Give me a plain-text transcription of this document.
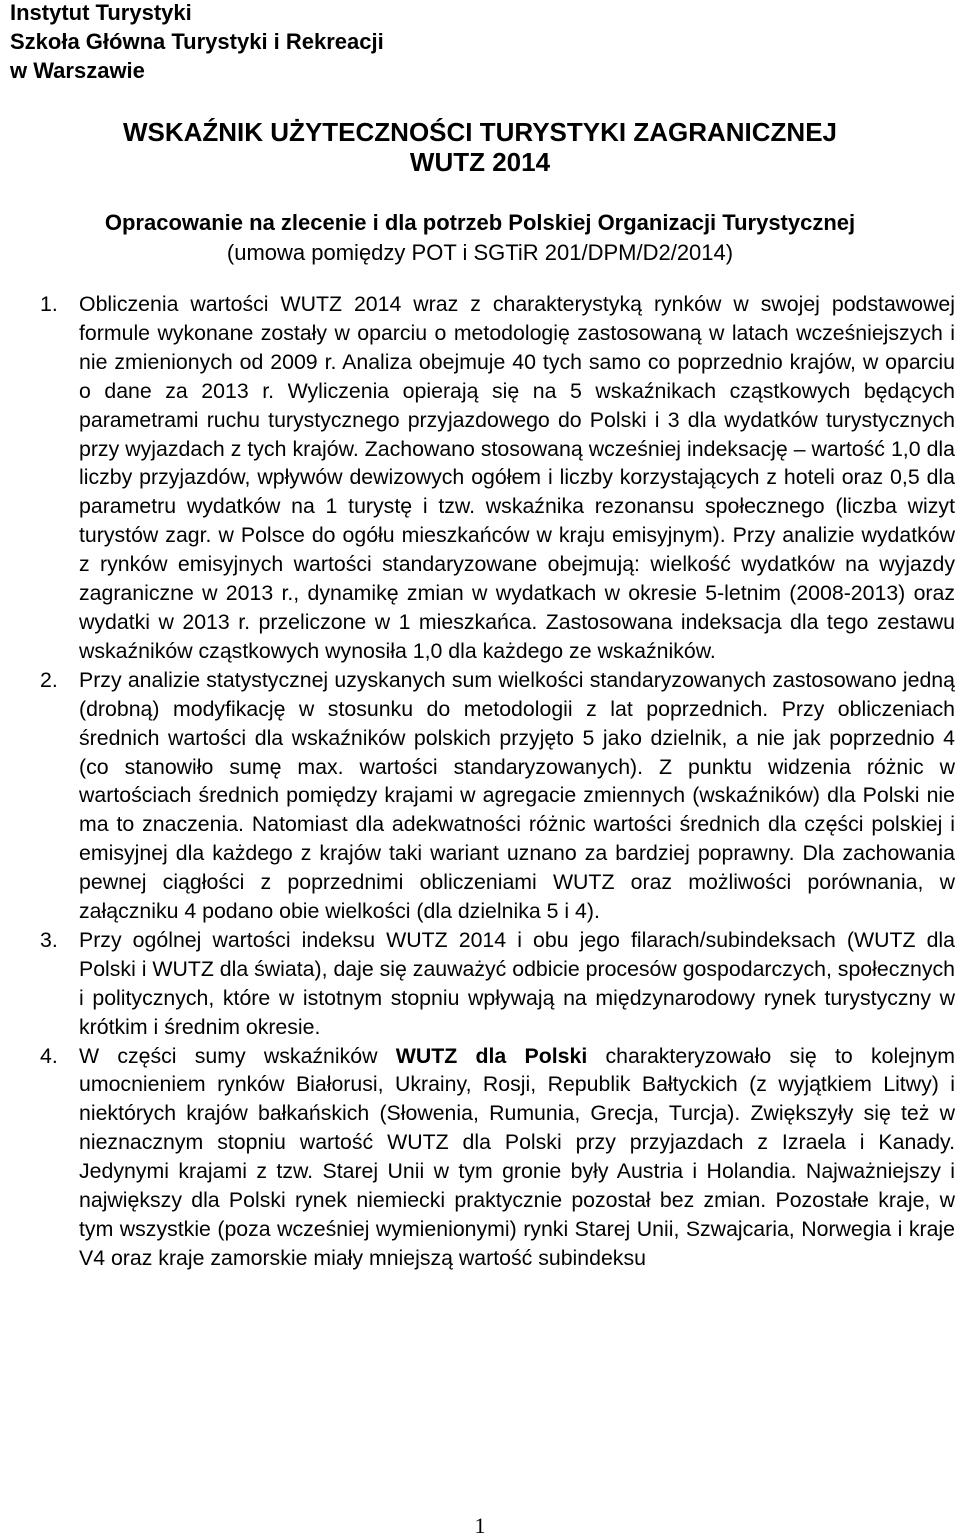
Instytut Turystyki
Szkoła Główna Turystyki i Rekreacji
w Warszawie
WSKAŹNIK UŻYTECZNOŚCI TURYSTYKI ZAGRANICZNEJ
WUTZ 2014
Opracowanie na zlecenie i dla potrzeb Polskiej Organizacji Turystycznej
(umowa pomiędzy POT i SGTiR 201/DPM/D2/2014)
1. Obliczenia wartości WUTZ 2014 wraz z charakterystyką rynków w swojej podstawowej formule wykonane zostały w oparciu o metodologię zastosowaną w latach wcześniejszych i nie zmienionych od 2009 r. Analiza obejmuje 40 tych samo co poprzednio krajów, w oparciu o dane za 2013 r. Wyliczenia opierają się na 5 wskaźnikach cząstkowych będących parametrami ruchu turystycznego przyjazdowego do Polski i 3 dla wydatków turystycznych przy wyjazdach z tych krajów. Zachowano stosowaną wcześniej indeksację – wartość 1,0 dla liczby przyjazdów, wpływów dewizowych ogółem i liczby korzystających z hoteli oraz 0,5 dla parametru wydatków na 1 turystę i tzw. wskaźnika rezonansu społecznego (liczba wizyt turystów zagr. w Polsce do ogółu mieszkańców w kraju emisyjnym). Przy analizie wydatków z rynków emisyjnych wartości standaryzowane obejmują: wielkość wydatków na wyjazdy zagraniczne w 2013 r., dynamikę zmian w wydatkach w okresie 5-letnim (2008-2013) oraz wydatki w 2013 r. przeliczone w 1 mieszkańca. Zastosowana indeksacja dla tego zestawu wskaźników cząstkowych wynosiła 1,0 dla każdego ze wskaźników.
2. Przy analizie statystycznej uzyskanych sum wielkości standaryzowanych zastosowano jedną (drobną) modyfikację w stosunku do metodologii z lat poprzednich. Przy obliczeniach średnich wartości dla wskaźników polskich przyjęto 5 jako dzielnik, a nie jak poprzednio 4 (co stanowiło sumę max. wartości standaryzowanych). Z punktu widzenia różnic w wartościach średnich pomiędzy krajami w agregacie zmiennych (wskaźników) dla Polski nie ma to znaczenia. Natomiast dla adekwatności różnic wartości średnich dla części polskiej i emisyjnej dla każdego z krajów taki wariant uznano za bardziej poprawny. Dla zachowania pewnej ciągłości z poprzednimi obliczeniami WUTZ oraz możliwości porównania, w załączniku 4 podano obie wielkości (dla dzielnika 5 i 4).
3. Przy ogólnej wartości indeksu WUTZ 2014 i obu jego filarach/subindeksach (WUTZ dla Polski i WUTZ dla świata), daje się zauważyć odbicie procesów gospodarczych, społecznych i politycznych, które w istotnym stopniu wpływają na międzynarodowy rynek turystyczny w krótkim i średnim okresie.
4. W części sumy wskaźników WUTZ dla Polski charakteryzowało się to kolejnym umocnieniem rynków Białorusi, Ukrainy, Rosji, Republik Bałtyckich (z wyjątkiem Litwy) i niektórych krajów bałkańskich (Słowenia, Rumunia, Grecja, Turcja). Zwiększyły się też w nieznacznym stopniu wartość WUTZ dla Polski przy przyjazdach z Izraela i Kanady. Jedynymi krajami z tzw. Starej Unii w tym gronie były Austria i Holandia. Najważniejszy i największy dla Polski rynek niemiecki praktycznie pozostał bez zmian. Pozostałe kraje, w tym wszystkie (poza wcześniej wymienionymi) rynki Starej Unii, Szwajcaria, Norwegia i kraje V4 oraz kraje zamorskie miały mniejszą wartość subindeksu
1
